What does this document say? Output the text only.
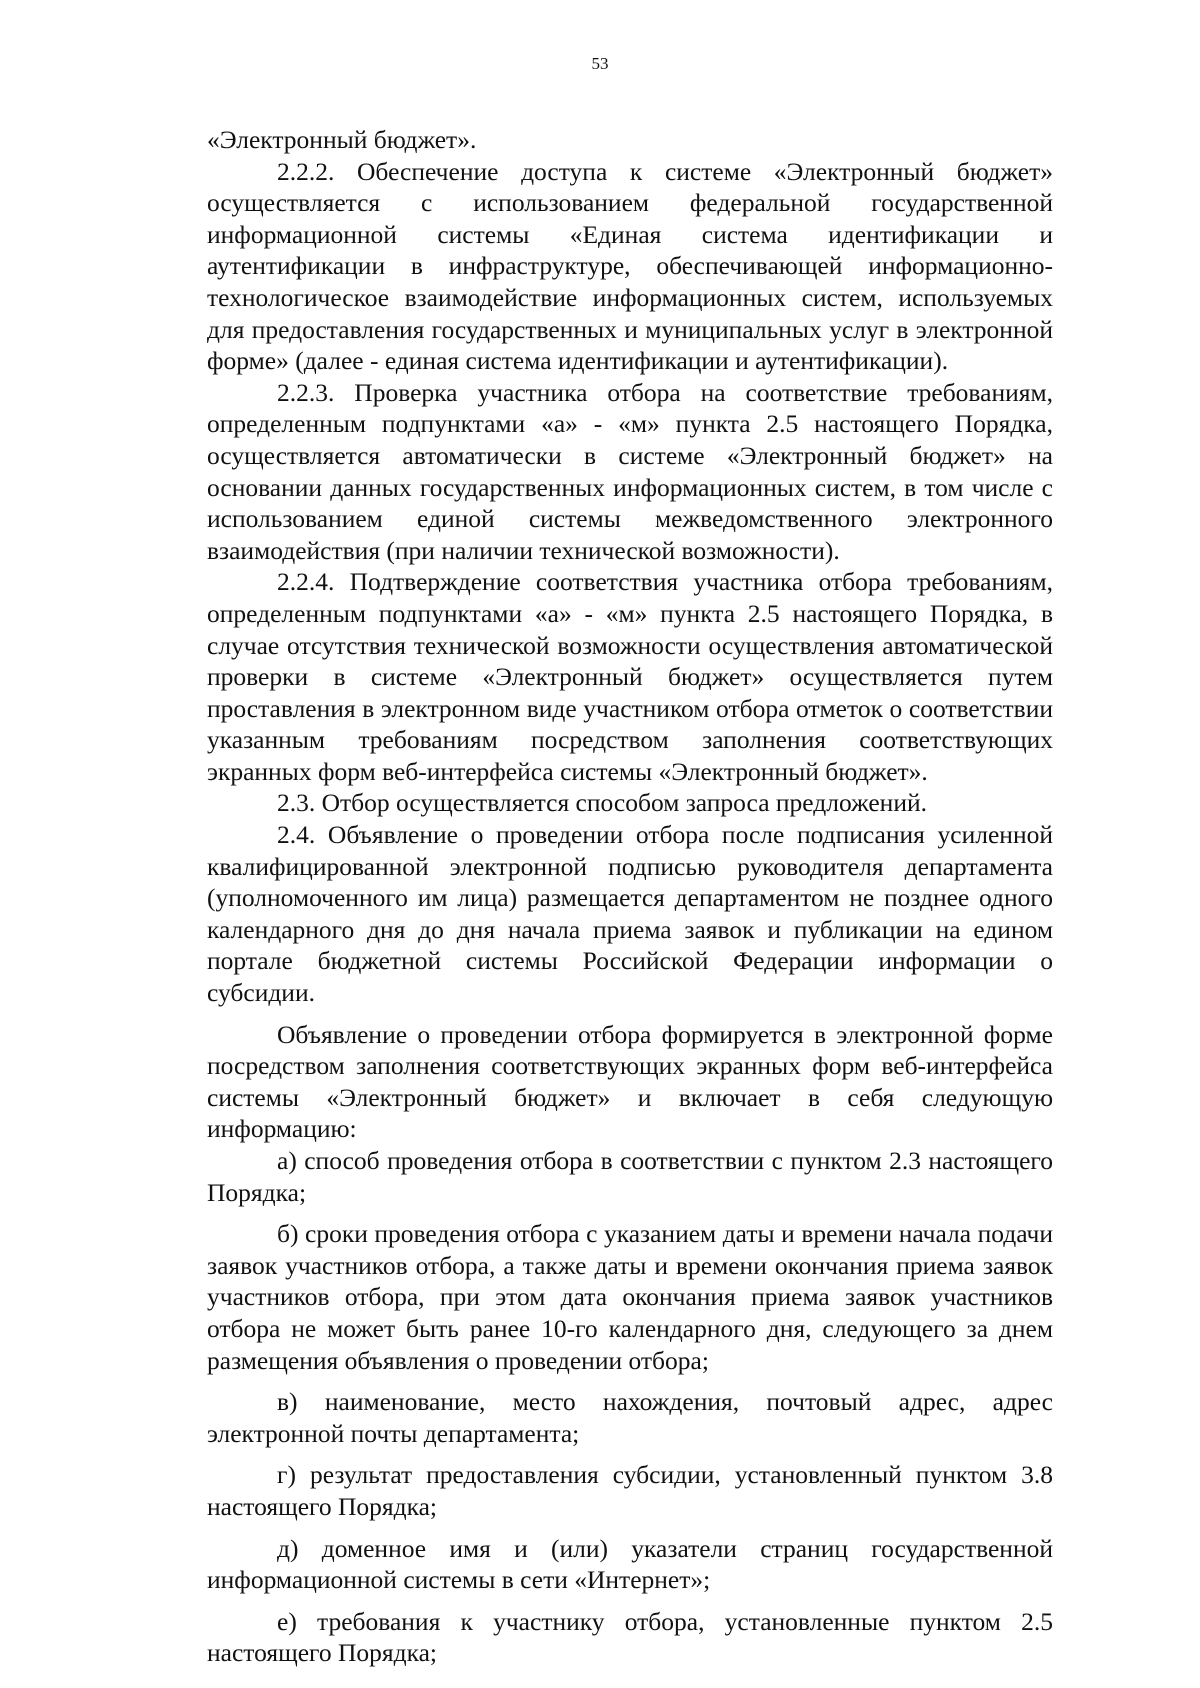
53

«Электронный бюджет».

2.2.2. Обеспечение доступа к системе «Электронный бюджет» осуществляется с использованием федеральной государственной информационной системы «Единая система идентификации и аутентификации в инфраструктуре, обеспечивающей информационно-технологическое взаимодействие информационных систем, используемых для предоставления государственных и муниципальных услуг в электронной форме» (далее - единая система идентификации и аутентификации).

2.2.3. Проверка участника отбора на соответствие требованиям, определенным подпунктами «а» - «м» пункта 2.5 настоящего Порядка, осуществляется автоматически в системе «Электронный бюджет» на основании данных государственных информационных систем, в том числе с использованием единой системы межведомственного электронного взаимодействия (при наличии технической возможности).

2.2.4. Подтверждение соответствия участника отбора требованиям, определенным подпунктами «а» - «м» пункта 2.5 настоящего Порядка, в случае отсутствия технической возможности осуществления автоматической проверки в системе «Электронный бюджет» осуществляется путем проставления в электронном виде участником отбора отметок о соответствии указанным требованиям посредством заполнения соответствующих экранных форм веб-интерфейса системы «Электронный бюджет».

2.3. Отбор осуществляется способом запроса предложений.

2.4. Объявление о проведении отбора после подписания усиленной квалифицированной электронной подписью руководителя департамента (уполномоченного им лица) размещается департаментом не позднее одного календарного дня до дня начала приема заявок и публикации на едином портале бюджетной системы Российской Федерации информации о субсидии.

Объявление о проведении отбора формируется в электронной форме посредством заполнения соответствующих экранных форм веб-интерфейса системы «Электронный бюджет» и включает в себя следующую информацию:

а) способ проведения отбора в соответствии с пунктом 2.3 настоящего Порядка;

б) сроки проведения отбора с указанием даты и времени начала подачи заявок участников отбора, а также даты и времени окончания приема заявок участников отбора, при этом дата окончания приема заявок участников отбора не может быть ранее 10-го календарного дня, следующего за днем размещения объявления о проведении отбора;

в) наименование, место нахождения, почтовый адрес, адрес электронной почты департамента;

г) результат предоставления субсидии, установленный пунктом 3.8 настоящего Порядка;

д) доменное имя и (или) указатели страниц государственной информационной системы в сети «Интернет»;

е) требования к участнику отбора, установленные пунктом 2.5 настоящего Порядка;
